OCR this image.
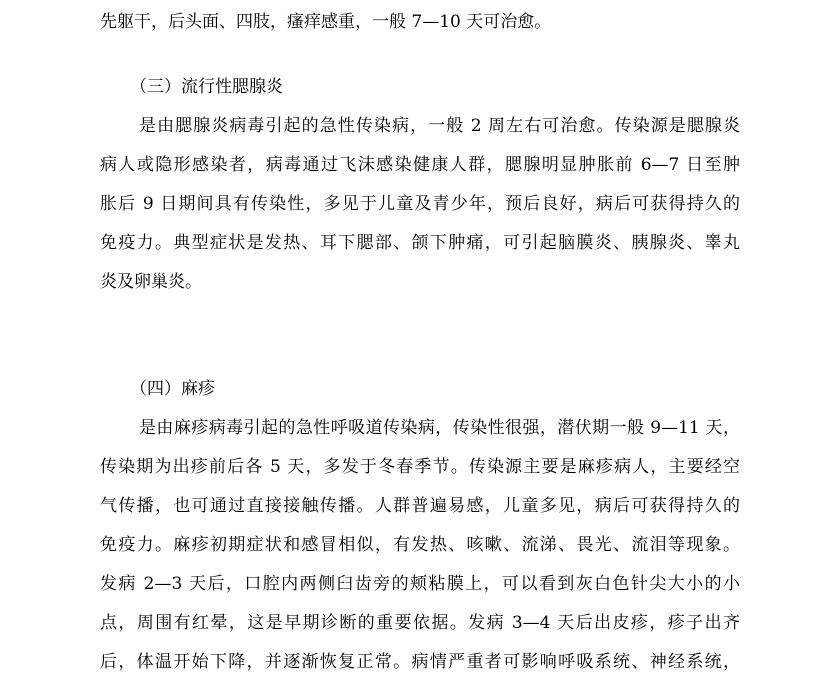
先躯干，后头面、四肢，瘙痒感重，一般 7—10 天可治愈。
（三）流行性腮腺炎
是由腮腺炎病毒引起的急性传染病，一般 2 周左右可治愈。传染源是腮腺炎
病人或隐形感染者，病毒通过飞沫感染健康人群，腮腺明显肿胀前 6—7 日至肿
胀后 9 日期间具有传染性，多见于儿童及青少年，预后良好，病后可获得持久的
免疫力。典型症状是发热、耳下腮部、颌下肿痛，可引起脑膜炎、胰腺炎、睾丸
炎及卵巢炎。
（四）麻疹
是由麻疹病毒引起的急性呼吸道传染病，传染性很强，潜伏期一般 9—11 天，
传染期为出疹前后各 5 天，多发于冬春季节。传染源主要是麻疹病人，主要经空
气传播，也可通过直接接触传播。人群普遍易感，儿童多见，病后可获得持久的
免疫力。麻疹初期症状和感冒相似，有发热、咳嗽、流涕、畏光、流泪等现象。
发病 2—3 天后，口腔内两侧臼齿旁的颊粘膜上，可以看到灰白色针尖大小的小
点，周围有红晕，这是早期诊断的重要依据。发病 3—4 天后出皮疹，疹子出齐
后，体温开始下降，并逐渐恢复正常。病情严重者可影响呼吸系统、神经系统，
